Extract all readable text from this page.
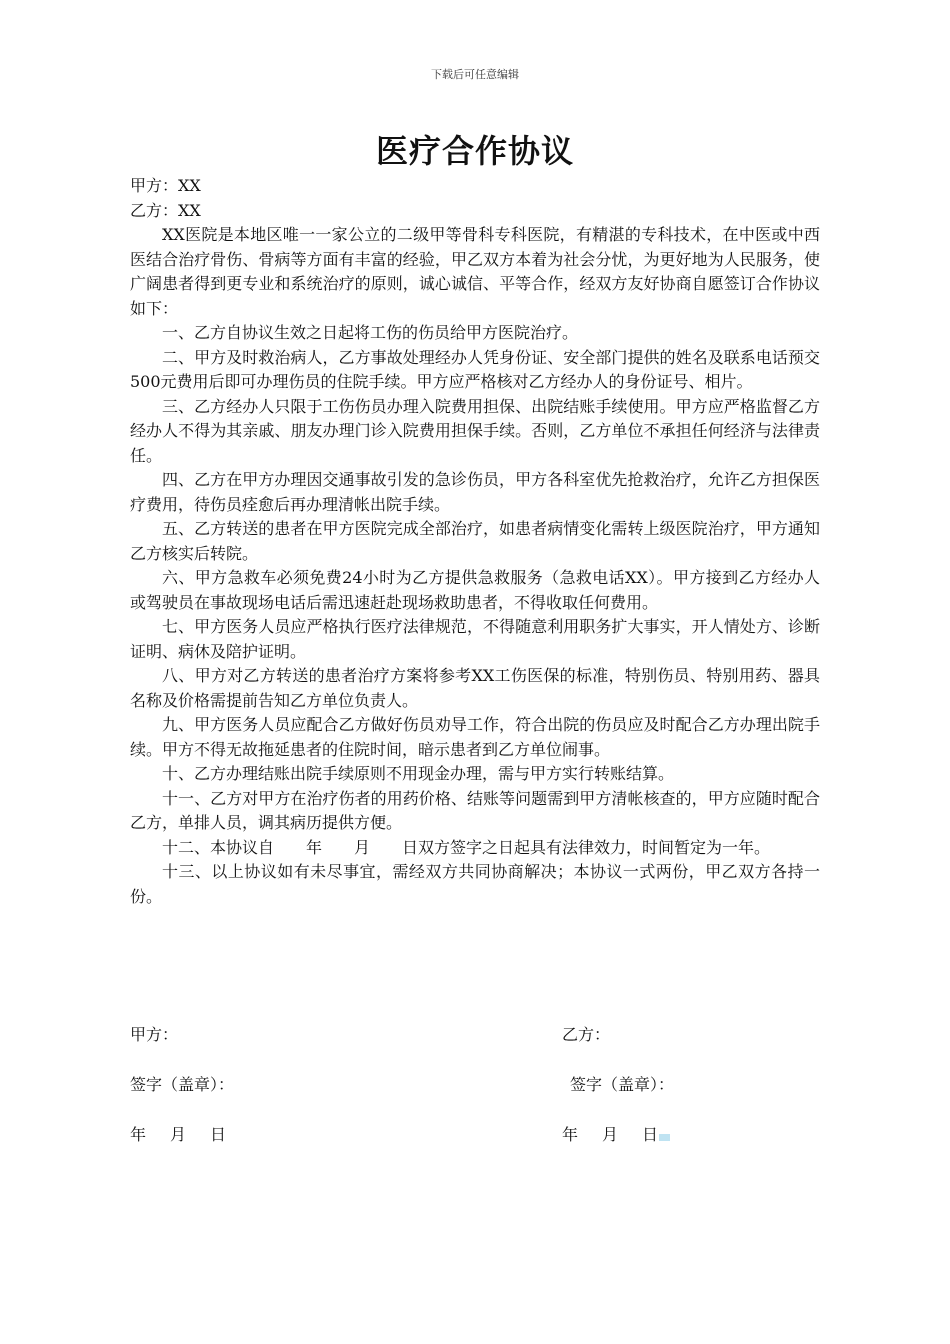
下载后可任意编辑
医疗合作协议

甲方：XX

乙方：XX

XX医院是本地区唯一一家公立的二级甲等骨科专科医院，有精湛的专科技术，在中医或中西医结合治疗骨伤、骨病等方面有丰富的经验，甲乙双方本着为社会分忧，为更好地为人民服务，使广阔患者得到更专业和系统治疗的原则，诚心诚信、平等合作，经双方友好协商自愿签订合作协议如下：

一、乙方自协议生效之日起将工伤的伤员给甲方医院治疗。

二、甲方及时救治病人，乙方事故处理经办人凭身份证、安全部门提供的姓名及联系电话预交500元费用后即可办理伤员的住院手续。甲方应严格核对乙方经办人的身份证号、相片。

三、乙方经办人只限于工伤伤员办理入院费用担保、出院结账手续使用。甲方应严格监督乙方经办人不得为其亲戚、朋友办理门诊入院费用担保手续。否则，乙方单位不承担任何经济与法律责任。

四、乙方在甲方办理因交通事故引发的急诊伤员，甲方各科室优先抢救治疗，允许乙方担保医疗费用，待伤员痊愈后再办理清帐出院手续。

五、乙方转送的患者在甲方医院完成全部治疗，如患者病情变化需转上级医院治疗，甲方通知乙方核实后转院。

六、甲方急救车必须免费24小时为乙方提供急救服务（急救电话XX）。甲方接到乙方经办人或驾驶员在事故现场电话后需迅速赶赴现场救助患者，不得收取任何费用。

七、甲方医务人员应严格执行医疗法律规范，不得随意利用职务扩大事实，开人情处方、诊断证明、病休及陪护证明。

八、甲方对乙方转送的患者治疗方案将参考XX工伤医保的标准，特别伤员、特别用药、器具名称及价格需提前告知乙方单位负责人。

九、甲方医务人员应配合乙方做好伤员劝导工作，符合出院的伤员应及时配合乙方办理出院手续。甲方不得无故拖延患者的住院时间，暗示患者到乙方单位闹事。

十、乙方办理结账出院手续原则不用现金办理，需与甲方实行转账结算。

十一、乙方对甲方在治疗伤者的用药价格、结账等问题需到甲方清帐核查的，甲方应随时配合乙方，单排人员，调其病历提供方便。

十二、本协议自　　年　　月　　日双方签字之日起具有法律效力，时间暂定为一年。

十三、以上协议如有未尽事宜，需经双方共同协商解决；本协议一式两份，甲乙双方各持一份。

甲方：	乙方：
签字（盖章）：	签字（盖章）：
年 月 日	年 月 日
